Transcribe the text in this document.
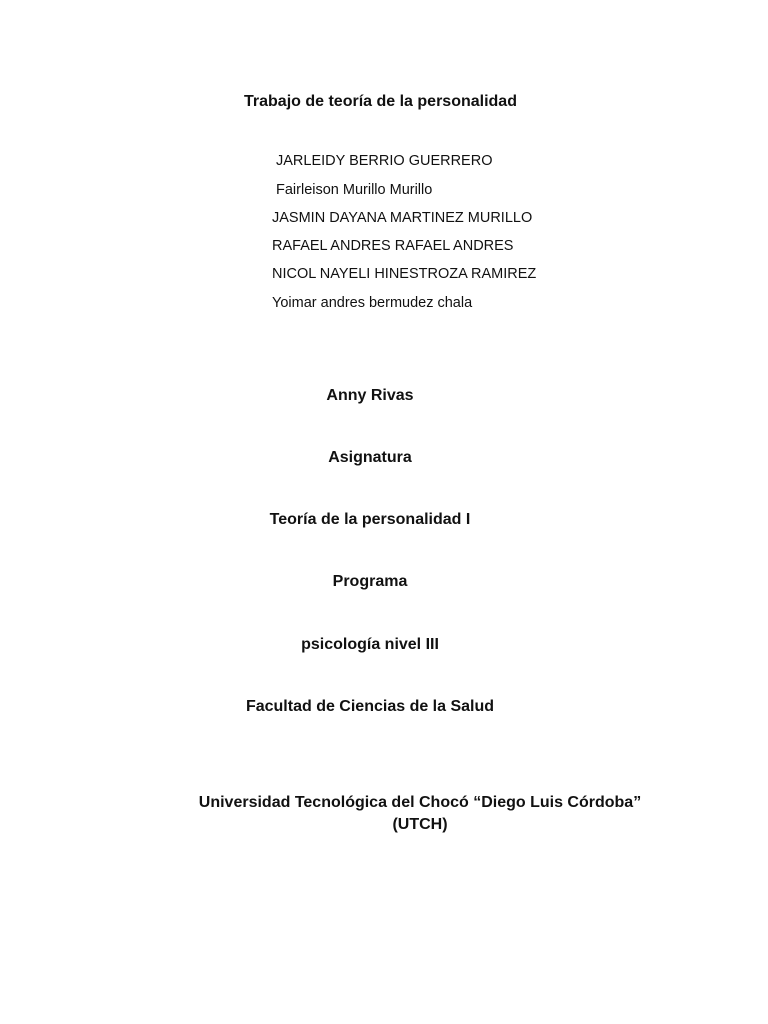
Trabajo de teoría de la personalidad
JARLEIDY BERRIO GUERRERO
Fairleison Murillo Murillo
JASMIN DAYANA MARTINEZ MURILLO
RAFAEL ANDRES RAFAEL ANDRES
NICOL NAYELI HINESTROZA RAMIREZ
Yoimar andres bermudez chala
Anny Rivas
Asignatura
Teoría de la personalidad I
Programa
psicología nivel III
Facultad de Ciencias de la Salud
Universidad Tecnológica del Chocó “Diego Luis Córdoba”
(UTCH)
